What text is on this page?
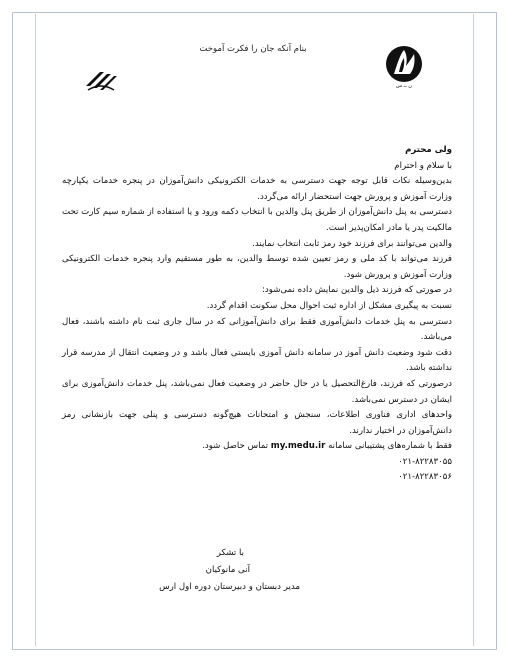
بنام آنکه جان را فکرت آموخت
۱۳۵۵
ن ــ س

ولی محترم

با سلام و احترام

بدین‌وسیله نکات قابل توجه جهت دسترسی به خدمات الکترونیکی دانش‌آموزان در پنجره خدمات یکپارچه وزارت آموزش و پرورش جهت استحضار ارائه می‌گردد.

دسترسی به پنل دانش‌آموزان از طریق پنل والدین با انتخاب دکمه ورود و یا استفاده از شماره سیم کارت تحت مالکیت پدر یا مادر امکان‌پذیر است.

والدین می‌توانند برای فرزند خود رمز ثابت انتخاب نمایند.

فرزند می‌تواند با کد ملی و رمز تعیین شده توسط والدین، به طور مستقیم وارد پنجره خدمات الکترونیکی وزارت آموزش و پرورش شود.

در صورتی که فرزند ذیل والدین نمایش داده نمی‌شود:

نسبت به پیگیری مشکل از اداره ثبت احوال محل سکونت اقدام گردد.

دسترسی به پنل خدمات دانش‌آموزی فقط برای دانش‌آموزانی که در سال جاری ثبت نام داشته باشند، فعال می‌باشد.

دقت شود وضعیت دانش آموز در سامانه دانش آموزی بایستی فعال باشد و در وضعیت انتقال از مدرسه قرار نداشته باشد.

درصورتی که فرزند، فارغ‌التحصیل یا در حال حاضر در وضعیت فعال نمی‌باشد، پنل خدمات دانش‌آموزی برای ایشان در دسترس نمی‌باشد.

واحدهای اداری فناوری اطلاعات، سنجش و امتحانات هیچ‌گونه دسترسی و پنلی جهت بازنشانی رمز دانش‌آموزان در اختیار ندارند.

فقط با شماره‌های پشتیبانی سامانه my.medu.ir تماس حاصل شود.

۰۲۱-۸۲۲۸۳۰۵۵

۰۲۱-۸۲۲۸۳۰۵۶

با تشکر
آنی مانوکیان
مدیر دبستان و دبیرستان دوره اول ارس
